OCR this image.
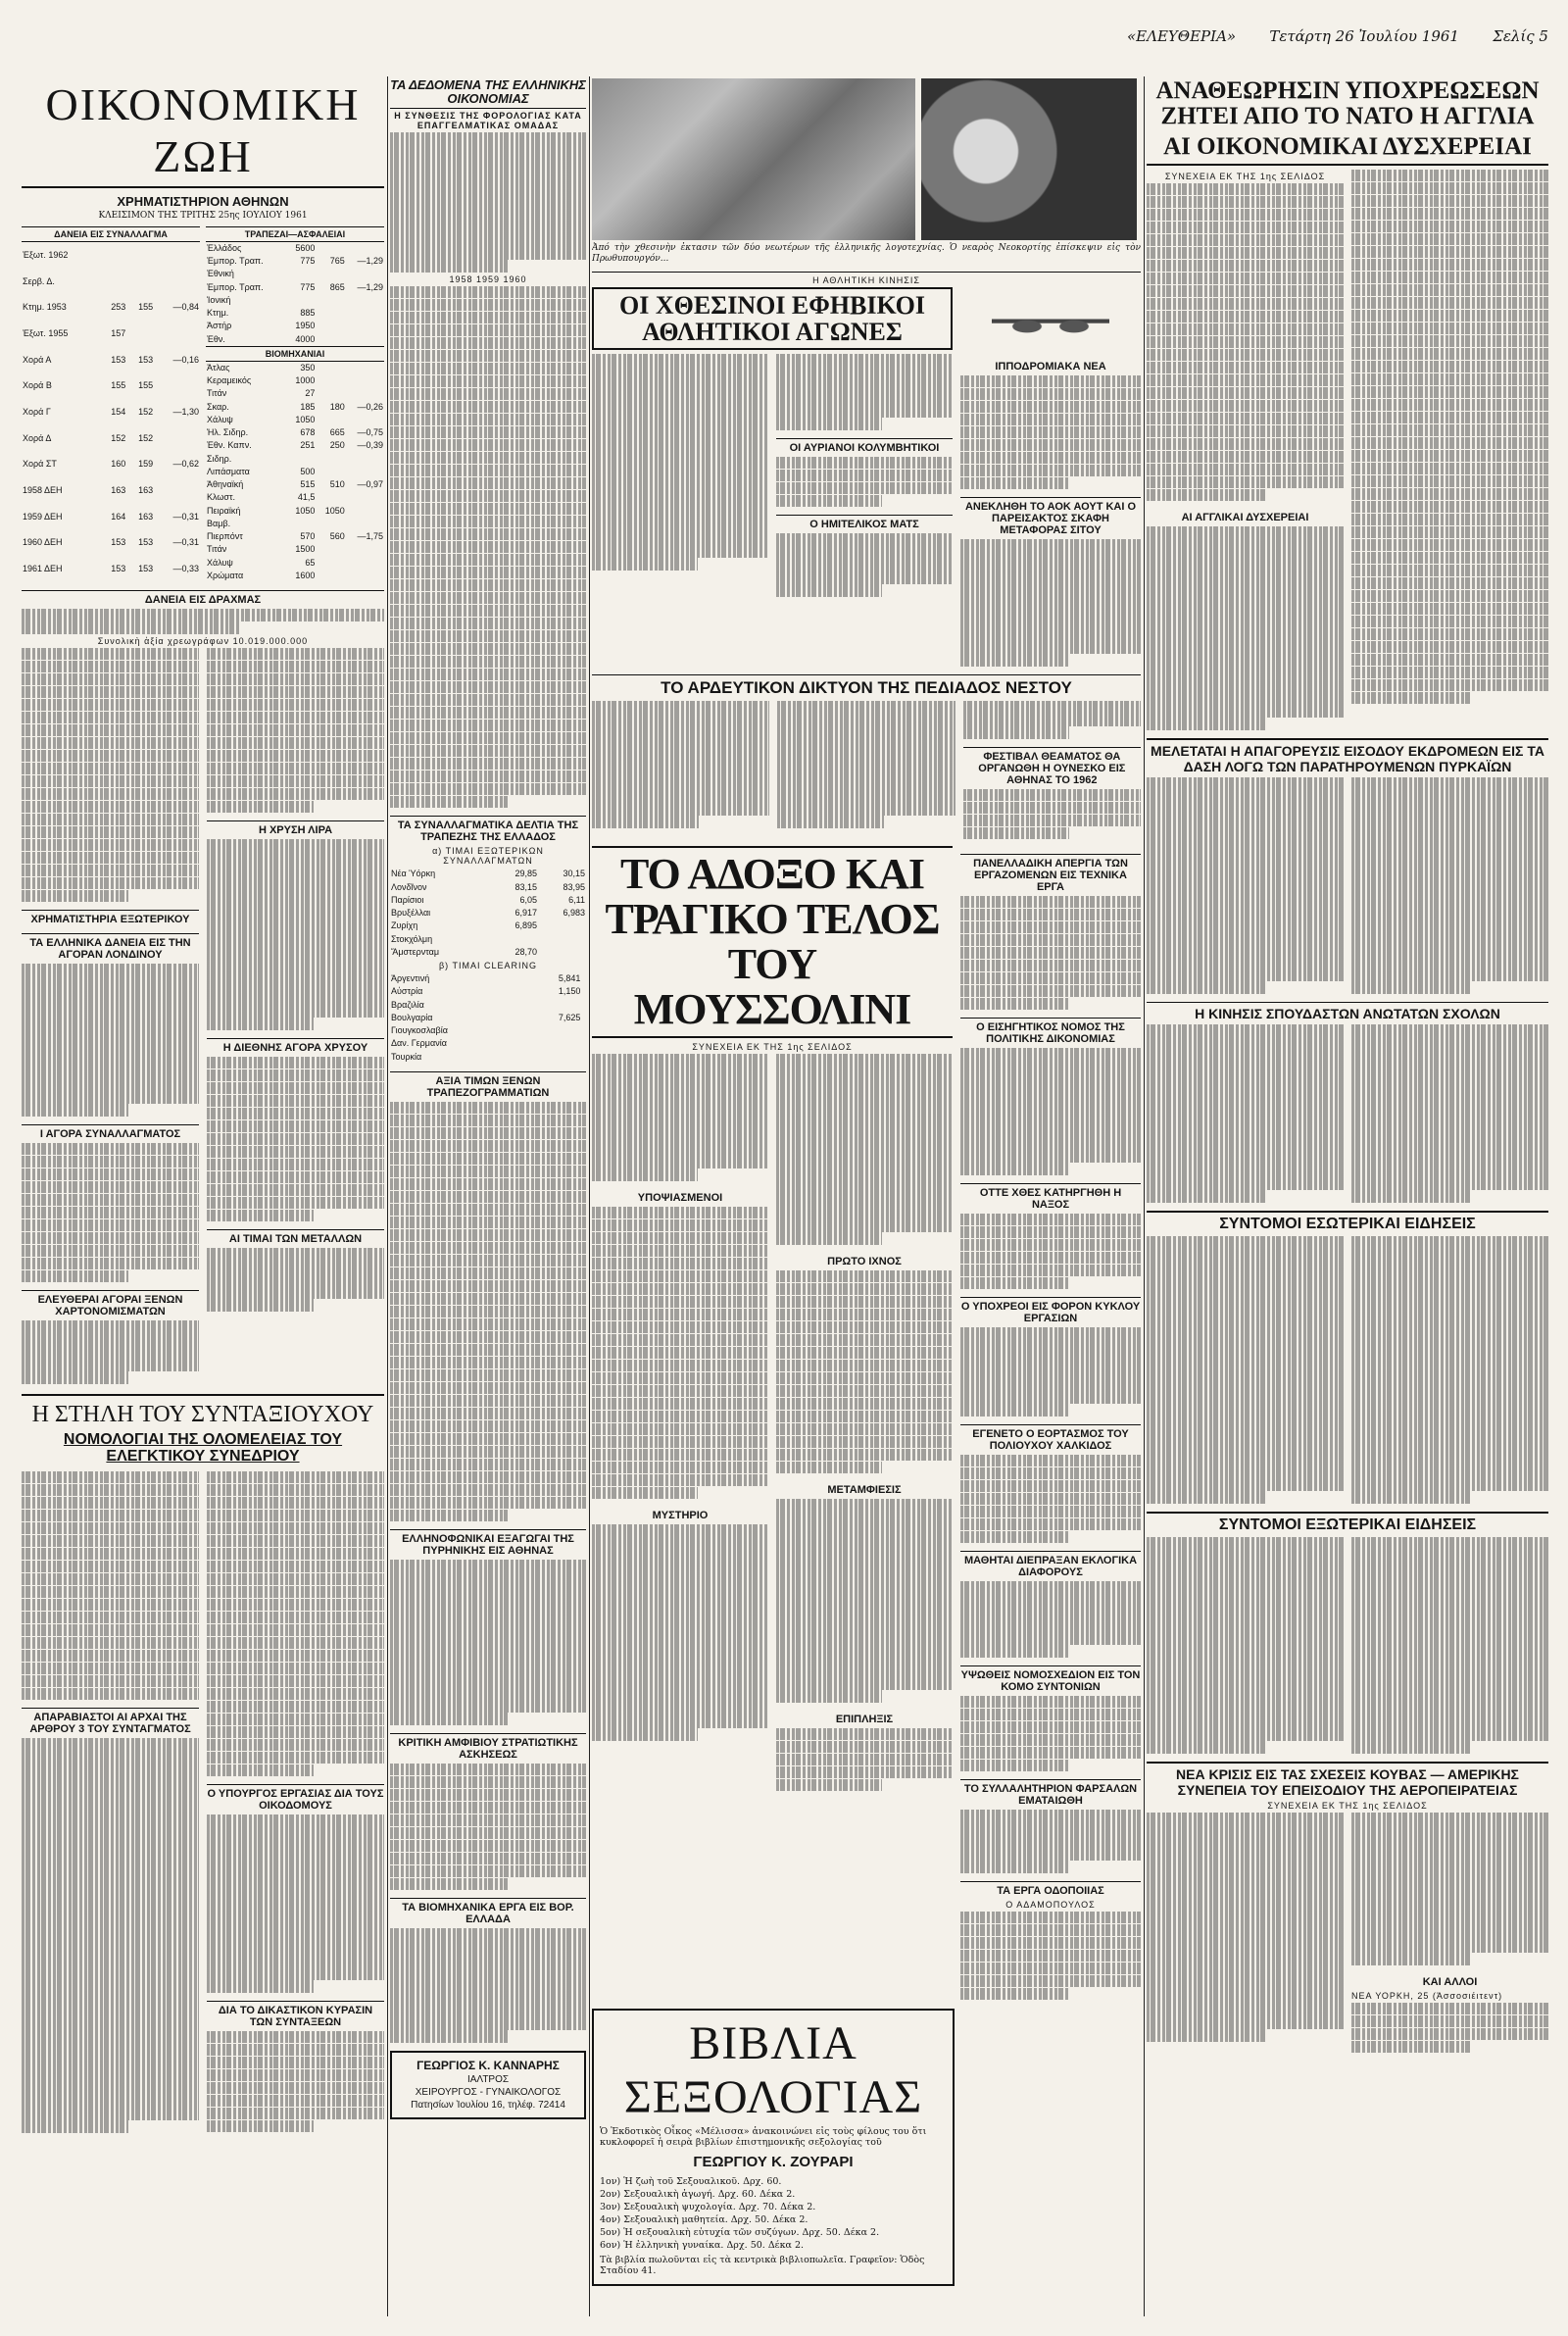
«ΕΛΕΥΘΕΡΙΑ» Τετάρτη 26 Ἰουλίου 1961 Σελίς 5
ΟΙΚΟΝΟΜΙΚΗ ΖΩΗ
ΧΡΗΜΑΤΙΣΤΗΡΙΟΝ ΑΘΗΝΩΝ
ΚΛΕΙΣΙΜΟΝ ΤΗΣ ΤΡΙΤΗΣ 25ης ΙΟΥΛΙΟΥ 1961
ΔΑΝΕΙΑ ΕΙΣ ΣΥΝΑΛΛΑΓΜΑ			
Ἐξωτ. 1962			
Σερβ. Δ.			
Κτημ. 1953	253	155	—0,84
Ἐξωτ. 1955	157		
Χορά Α	153	153	—0,16
Χορά Β	155	155	
Χορά Γ	154	152	—1,30
Χορά Δ	152	152	
Χορά ΣΤ	160	159	—0,62
1958 ΔΕΗ	163	163	
1959 ΔΕΗ	164	163	—0,31
1960 ΔΕΗ	153	153	—0,31
1961 ΔΕΗ	153	153	—0,33
ΤΡΑΠΕΖΑΙ—ΑΣΦΑΛΕΙΑΙ			
Ἑλλάδος	5600		
Ἐμπορ. Τραπ.	775	765	—1,29
Ἐθνική			
Ἐμπορ. Τραπ.	775	865	—1,29
Ἰονική			
Κτημ.	885		
Ἀστήρ	1950		
Ἐθν.	4000		
ΒΙΟΜΗΧΑΝΙΑΙ			
Ἀτλας	350		
Κεραμεικός	1000		
Τιτάν	27		
Σκαρ.	185	180	—0,26
Χάλυψ	1050		
Ἡλ. Σιδηρ.	678	665	—0,75
Ἐθν. Καπν.	251	250	—0,39
Σιδηρ.			
Λιπάσματα	500		
Ἀθηναϊκή	515	510	—0,97
Κλωστ.	41,5		
Πειραϊκή	1050	1050	
Βαμβ.			
Πιερπόντ	570	560	—1,75
Τιτάν	1500		
Χάλυψ	65		
Χρώματα	1600		
ΔΑΝΕΙΑ ΕΙΣ ΔΡΑΧΜΑΣ
Συνολικὴ ἀξία χρεωγράφων 10.019.000.000
ΧΡΗΜΑΤΙΣΤΗΡΙΑ ΕΞΩΤΕΡΙΚΟΥ
ΤΑ ΕΛΛΗΝΙΚΑ ΔΑΝΕΙΑ ΕΙΣ ΤΗΝ ΑΓΟΡΑΝ ΛΟΝΔΙΝΟΥ
Ι ΑΓΟΡΑ ΣΥΝΑΛΛΑΓΜΑΤΟΣ
ΕΛΕΥΘΕΡΑΙ ΑΓΟΡΑΙ ΞΕΝΩΝ ΧΑΡΤΟΝΟΜΙΣΜΑΤΩΝ
Η ΧΡΥΣΗ ΛΙΡΑ
Η ΔΙΕΘΝΗΣ ΑΓΟΡΑ ΧΡΥΣΟΥ
ΑΙ ΤΙΜΑΙ ΤΩΝ ΜΕΤΑΛΛΩΝ
Η ΣΤΗΛΗ ΤΟΥ ΣΥΝΤΑΞΙΟΥΧΟΥ
ΝΟΜΟΛΟΓΙΑΙ ΤΗΣ ΟΛΟΜΕΛΕΙΑΣ ΤΟΥ ΕΛΕΓΚΤΙΚΟΥ ΣΥΝΕΔΡΙΟΥ
ΑΠΑΡΑΒΙΑΣΤΟΙ ΑΙ ΑΡΧΑΙ ΤΗΣ ΑΡΘΡΟΥ 3 ΤΟΥ ΣΥΝΤΑΓΜΑΤΟΣ
Ο ΥΠΟΥΡΓΟΣ ΕΡΓΑΣΙΑΣ ΔΙΑ ΤΟΥΣ ΟΙΚΟΔΟΜΟΥΣ
ΔΙΑ ΤΟ ΔΙΚΑΣΤΙΚΟΝ ΚΥΡΑΣΙΝ ΤΩΝ ΣΥΝΤΑΞΕΩΝ
ΤΑ ΔΕΔΟΜΕΝΑ ΤΗΣ ΕΛΛΗΝΙΚΗΣ ΟΙΚΟΝΟΜΙΑΣ
Η ΣΥΝΘΕΣΙΣ ΤΗΣ ΦΟΡΟΛΟΓΙΑΣ ΚΑΤΑ ΕΠΑΓΓΕΛΜΑΤΙΚΑΣ ΟΜΑΔΑΣ
1958 1959 1960
ΤΑ ΣΥΝΑΛΛΑΓΜΑΤΙΚΑ ΔΕΛΤΙΑ ΤΗΣ ΤΡΑΠΕΖΗΣ ΤΗΣ ΕΛΛΑΔΟΣ
α) ΤΙΜΑΙ ΕΞΩΤΕΡΙΚΩΝ ΣΥΝΑΛΛΑΓΜΑΤΩΝ
Νέα Ὑόρκη	29,85	30,15
Λονδῖνον	83,15	83,95
Παρίσιοι	6,05	6,11
Βρυξέλλαι	6,917	6,983
Ζυρίχη	6,895	
Στοκχόλμη		
Ἄμστερνταμ	28,70	
β) ΤΙΜΑΙ CLEARING
Ἀργεντινή	5,841	
Αὐστρία	1,150	
Βραζιλία		
Βουλγαρία	7,625	
Γιουγκοσλαβία		
Δαν. Γερμανία		
Τουρκία		
ΑΞΙΑ ΤΙΜΩΝ ΞΕΝΩΝ ΤΡΑΠΕΖΟΓΡΑΜΜΑΤΙΩΝ
ΕΛΛΗΝΟΦΩΝΙΚΑΙ ΕΞΑΓΩΓΑΙ ΤΗΣ ΠΥΡΗΝΙΚΗΣ ΕΙΣ ΑΘΗΝΑΣ
ΚΡΙΤΙΚΗ ΑΜΦΙΒΙΟΥ ΣΤΡΑΤΙΩΤΙΚΗΣ ΑΣΚΗΣΕΩΣ
ΤΑ ΒΙΟΜΗΧΑΝΙΚΑ ΕΡΓΑ ΕΙΣ ΒΟΡ. ΕΛΛΑΔΑ
ΓΕΩΡΓΙΟΣ Κ. ΚΑΝΝΑΡΗΣ
ΙΑΛΤΡΟΣ
ΧΕΙΡΟΥΡΓΟΣ - ΓΥΝΑΙΚΟΛΟΓΟΣ
Πατησίων Ἰουλίου 16, τηλέφ. 72414
Ἀπό τὴν χθεσινὴν ἐκτασιν τῶν δύο νεωτέρων τῆς ἐλληνικῆς λογοτεχνίας. Ὁ νεαρὸς Νεοκορτίης ἐπίσκεψιν εἰς τὸν Πρωθυπουργόν...
Η ΑΘΛΗΤΙΚΗ ΚΙΝΗΣΙΣ
ΟΙ ΧΘΕΣΙΝΟΙ ΕΦΗΒΙΚΟΙ ΑΘΛΗΤΙΚΟΙ ΑΓΩΝΕΣ
ΟΙ ΑΥΡΙΑΝΟΙ ΚΟΛΥΜΒΗΤΙΚΟΙ
Ο ΗΜΙΤΕΛΙΚΟΣ ΜΑΤΣ
ΙΠΠΟΔΡΟΜΙΑΚΑ ΝΕΑ
ΑΝΕΚΛΗΘΗ ΤΟ ΑΟΚ ΑΟΥΤ ΚΑΙ Ο ΠΑΡΕΙΣΑΚΤΟΣ ΣΚΑΦΗ ΜΕΤΑΦΟΡΑΣ ΣΙΤΟΥ
ΤΟ ΑΡΔΕΥΤΙΚΟΝ ΔΙΚΤΥΟΝ ΤΗΣ ΠΕΔΙΑΔΟΣ ΝΕΣΤΟΥ
ΦΕΣΤΙΒΑΛ ΘΕΑΜΑΤΟΣ ΘΑ ΟΡΓΑΝΩΘΗ Η ΟΥΝΕΣΚΟ ΕΙΣ ΑΘΗΝΑΣ ΤΟ 1962
ΤΟ ΑΔΟΞΟ ΚΑΙ ΤΡΑΓΙΚΟ ΤΕΛΟΣ ΤΟΥ ΜΟΥΣΣΟΛΙΝΙ
ΣΥΝΕΧΕΙΑ ΕΚ ΤΗΣ 1ης ΣΕΛΙΔΟΣ
ΥΠΟΨΙΑΣΜΕΝΟΙ
ΜΥΣΤΗΡΙΟ
ΠΡΩΤΟ ΙΧΝΟΣ
ΜΕΤΑΜΦΙΕΣΙΣ
ΕΠΙΠΛΗΞΙΣ
ΠΑΝΕΛΛΑΔΙΚΗ ΑΠΕΡΓΙΑ ΤΩΝ ΕΡΓΑΖΟΜΕΝΩΝ ΕΙΣ ΤΕΧΝΙΚΑ ΕΡΓΑ
Ο ΕΙΣΗΓΗΤΙΚΟΣ ΝΟΜΟΣ ΤΗΣ ΠΟΛΙΤΙΚΗΣ ΔΙΚΟΝΟΜΙΑΣ
ΟΤΤΕ ΧΘΕΣ ΚΑΤΗΡΓΗΘΗ Η ΝΑΞΟΣ
Ο ΥΠΟΧΡΕΟΙ ΕΙΣ ΦΟΡΟΝ ΚΥΚΛΟΥ ΕΡΓΑΣΙΩΝ
ΕΓΕΝΕΤΟ Ο ΕΟΡΤΑΣΜΟΣ ΤΟΥ ΠΟΛΙΟΥΧΟΥ ΧΑΛΚΙΔΟΣ
ΜΑΘΗΤΑΙ ΔΙΕΠΡΑΞΑΝ ΕΚΛΟΓΙΚΑ ΔΙΑΦΟΡΟΥΣ
ΥΨΩΘΕΙΣ ΝΟΜΟΣΧΕΔΙΟΝ ΕΙΣ ΤΟΝ ΚΟΜΟ ΣΥΝΤΟΝΙΩΝ
ΤΟ ΣΥΛΛΑΛΗΤΗΡΙΟΝ ΦΑΡΣΑΛΩΝ ΕΜΑΤΑΙΩΘΗ
ΤΑ ΕΡΓΑ ΟΔΟΠΟΙΙΑΣ
Ο ΑΔΑΜΟΠΟΥΛΟΣ
ΒΙΒΛΙΑ ΣΕΞΟΛΟΓΙΑΣ
Ὁ Ἐκδοτικὸς Οἶκος «Μέλισσα» ἀνακοινώνει εἰς τοὺς φίλους του ὅτι κυκλοφορεῖ ἡ σειρὰ βιβλίων ἐπιστημονικῆς σεξολογίας τοῦ
ΓΕΩΡΓΙΟΥ Κ. ΖΟΥΡΑΡΙ
1ον) Ἡ ζωὴ τοῦ Σεξουαλικοῦ. Δρχ. 60.
2ον) Σεξουαλικὴ ἀγωγή. Δρχ. 60. Δέκα 2.
3ον) Σεξουαλικὴ ψυχολογία. Δρχ. 70. Δέκα 2.
4ον) Σεξουαλικὴ μαθητεία. Δρχ. 50. Δέκα 2.
5ον) Ἡ σεξουαλικὴ εὐτυχία τῶν συζύγων. Δρχ. 50. Δέκα 2.
6ον) Ἡ ἐλληνικὴ γυναίκα. Δρχ. 50. Δέκα 2.
Τὰ βιβλία πωλοῦνται εἰς τὰ κεντρικὰ βιβλιοπωλεῖα. Γραφεῖον: Ὁδὸς Σταδίου 41.
ΑΝΑΘΕΩΡΗΣΙΝ ΥΠΟΧΡΕΩΣΕΩΝ ΖΗΤΕΙ ΑΠΟ ΤΟ ΝΑΤΟ Η ΑΓΓΛΙΑ
ΑΙ ΟΙΚΟΝΟΜΙΚΑΙ ΔΥΣΧΕΡΕΙΑΙ
ΣΥΝΕΧΕΙΑ ΕΚ ΤΗΣ 1ης ΣΕΛΙΔΟΣ
ΑΙ ΑΓΓΛΙΚΑΙ ΔΥΣΧΕΡΕΙΑΙ
ΜΕΛΕΤΑΤΑΙ Η ΑΠΑΓΟΡΕΥΣΙΣ ΕΙΣΟΔΟΥ ΕΚΔΡΟΜΕΩΝ ΕΙΣ ΤΑ ΔΑΣΗ ΛΟΓΩ ΤΩΝ ΠΑΡΑΤΗΡΟΥΜΕΝΩΝ ΠΥΡΚΑΪΩΝ
Η ΚΙΝΗΣΙΣ ΣΠΟΥΔΑΣΤΩΝ ΑΝΩΤΑΤΩΝ ΣΧΟΛΩΝ
ΣΥΝΤΟΜΟΙ ΕΣΩΤΕΡΙΚΑΙ ΕΙΔΗΣΕΙΣ
ΣΥΝΤΟΜΟΙ ΕΞΩΤΕΡΙΚΑΙ ΕΙΔΗΣΕΙΣ
ΝΕΑ ΚΡΙΣΙΣ ΕΙΣ ΤΑΣ ΣΧΕΣΕΙΣ ΚΟΥΒΑΣ — ΑΜΕΡΙΚΗΣ ΣΥΝΕΠΕΙΑ ΤΟΥ ΕΠΕΙΣΟΔΙΟΥ ΤΗΣ ΑΕΡΟΠΕΙΡΑΤΕΙΑΣ
ΣΥΝΕΧΕΙΑ ΕΚ ΤΗΣ 1ης ΣΕΛΙΔΟΣ
ΚΑΙ ΑΛΛΟΙ
ΝΕΑ ΥΟΡΚΗ, 25 (Ἀσσοσιέιτεντ)
